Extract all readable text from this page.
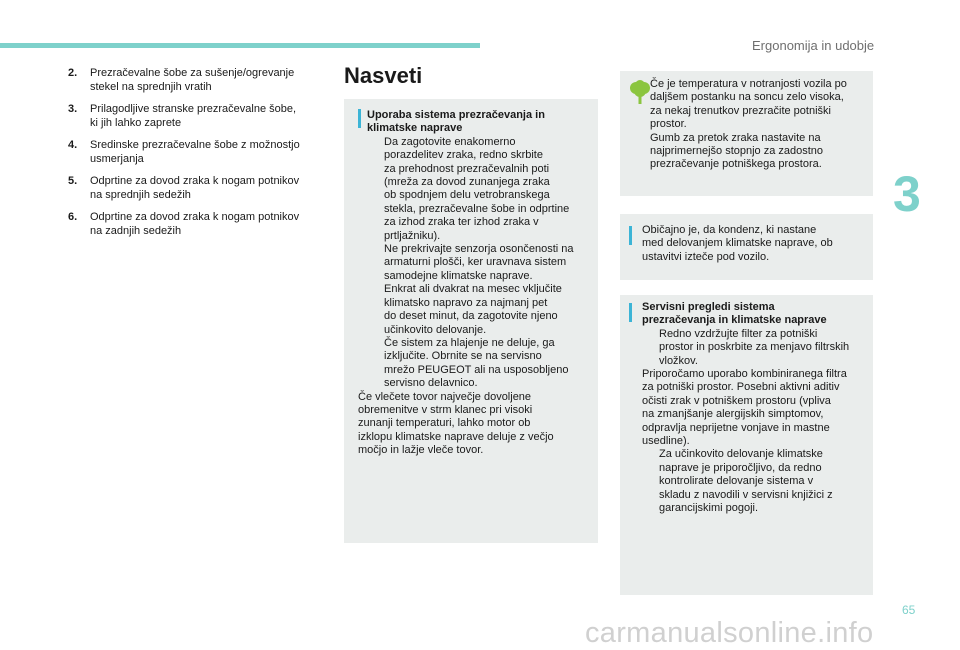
Ergonomija in udobje
3
2.	Prezračevalne šobe za sušenje/ogrevanje
stekel na sprednjih vratih
3.	Prilagodljive stranske prezračevalne šobe,
ki jih lahko zaprete
4.	Sredinske prezračevalne šobe z možnostjo
usmerjanja
5.	Odprtine za dovod zraka k nogam potnikov
na sprednjih sedežih
6.	Odprtine za dovod zraka k nogam potnikov
na zadnjih sedežih
Nasveti
Uporaba sistema prezračevanja in
klimatske naprave
Da zagotovite enakomerno
porazdelitev zraka, redno skrbite
za prehodnost prezračevalnih poti
(mreža za dovod zunanjega zraka
ob spodnjem delu vetrobranskega
stekla, prezračevalne šobe in odprtine
za izhod zraka ter izhod zraka v
prtljažniku).
Ne prekrivajte senzorja osončenosti na
armaturni plošči, ker uravnava sistem
samodejne klimatske naprave.
Enkrat ali dvakrat na mesec vključite
klimatsko napravo za najmanj pet
do deset minut, da zagotovite njeno
učinkovito delovanje.
Če sistem za hlajenje ne deluje, ga
izključite. Obrnite se na servisno
mrežo PEUGEOT ali na usposobljeno
servisno delavnico.
Če vlečete tovor največje dovoljene
obremenitve v strm klanec pri visoki
zunanji temperaturi, lahko motor ob
izklopu klimatske naprave deluje z večjo
močjo in lažje vleče tovor.
Če je temperatura v notranjosti vozila po
daljšem postanku na soncu zelo visoka,
za nekaj trenutkov prezračite potniški
prostor.
Gumb za pretok zraka nastavite na
najprimernejšo stopnjo za zadostno
prezračevanje potniškega prostora.
Običajno je, da kondenz, ki nastane
med delovanjem klimatske naprave, ob
ustavitvi izteče pod vozilo.
Servisni pregledi sistema
prezračevanja in klimatske naprave
Redno vzdržujte filter za potniški
prostor in poskrbite za menjavo filtrskih
vložkov.
Priporočamo uporabo kombiniranega filtra
za potniški prostor. Posebni aktivni aditiv
očisti zrak v potniškem prostoru (vpliva
na zmanjšanje alergijskih simptomov,
odpravlja neprijetne vonjave in mastne
usedline).
Za učinkovito delovanje klimatske
naprave je priporočljivo, da redno
kontrolirate delovanje sistema v
skladu z navodili v servisni knjižici z
garancijskimi pogoji.
65
carmanualsonline.info
